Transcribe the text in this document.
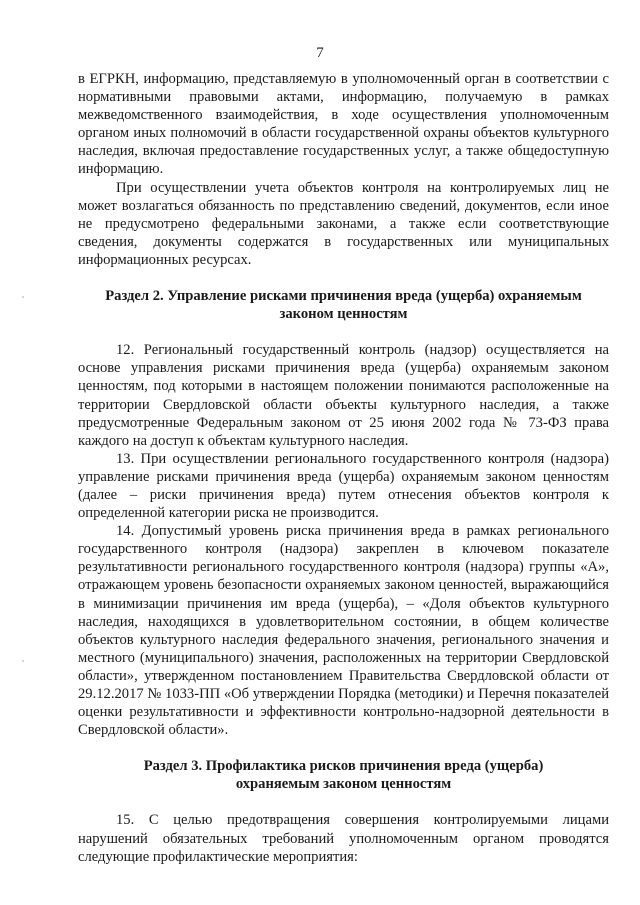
7

в ЕГРКН, информацию, представляемую в уполномоченный орган в соответствии с нормативными правовыми актами, информацию, получаемую в рамках межведомственного взаимодействия, в ходе осуществления уполномоченным органом иных полномочий в области государственной охраны объектов культурного наследия, включая предоставление государственных услуг, а также общедоступную информацию.

При осуществлении учета объектов контроля на контролируемых лиц не может возлагаться обязанность по представлению сведений, документов, если иное не предусмотрено федеральными законами, а также если соответствующие сведения, документы содержатся в государственных или муниципальных информационных ресурсах.

Раздел 2. Управление рисками причинения вреда (ущерба) охраняемым законом ценностям

12. Региональный государственный контроль (надзор) осуществляется на основе управления рисками причинения вреда (ущерба) охраняемым законом ценностям, под которыми в настоящем положении понимаются расположенные на территории Свердловской области объекты культурного наследия, а также предусмотренные Федеральным законом от 25 июня 2002 года № 73-ФЗ права каждого на доступ к объектам культурного наследия.

13. При осуществлении регионального государственного контроля (надзора) управление рисками причинения вреда (ущерба) охраняемым законом ценностям (далее – риски причинения вреда) путем отнесения объектов контроля к определенной категории риска не производится.

14. Допустимый уровень риска причинения вреда в рамках регионального государственного контроля (надзора) закреплен в ключевом показателе результативности регионального государственного контроля (надзора) группы «А», отражающем уровень безопасности охраняемых законом ценностей, выражающийся в минимизации причинения им вреда (ущерба), – «Доля объектов культурного наследия, находящихся в удовлетворительном состоянии, в общем количестве объектов культурного наследия федерального значения, регионального значения и местного (муниципального) значения, расположенных на территории Свердловской области», утвержденном постановлением Правительства Свердловской области от 29.12.2017 № 1033-ПП «Об утверждении Порядка (методики) и Перечня показателей оценки результативности и эффективности контрольно-надзорной деятельности в Свердловской области».

Раздел 3. Профилактика рисков причинения вреда (ущерба)

охраняемым законом ценностям

15. С целью предотвращения совершения контролируемыми лицами нарушений обязательных требований уполномоченным органом проводятся следующие профилактические мероприятия:
